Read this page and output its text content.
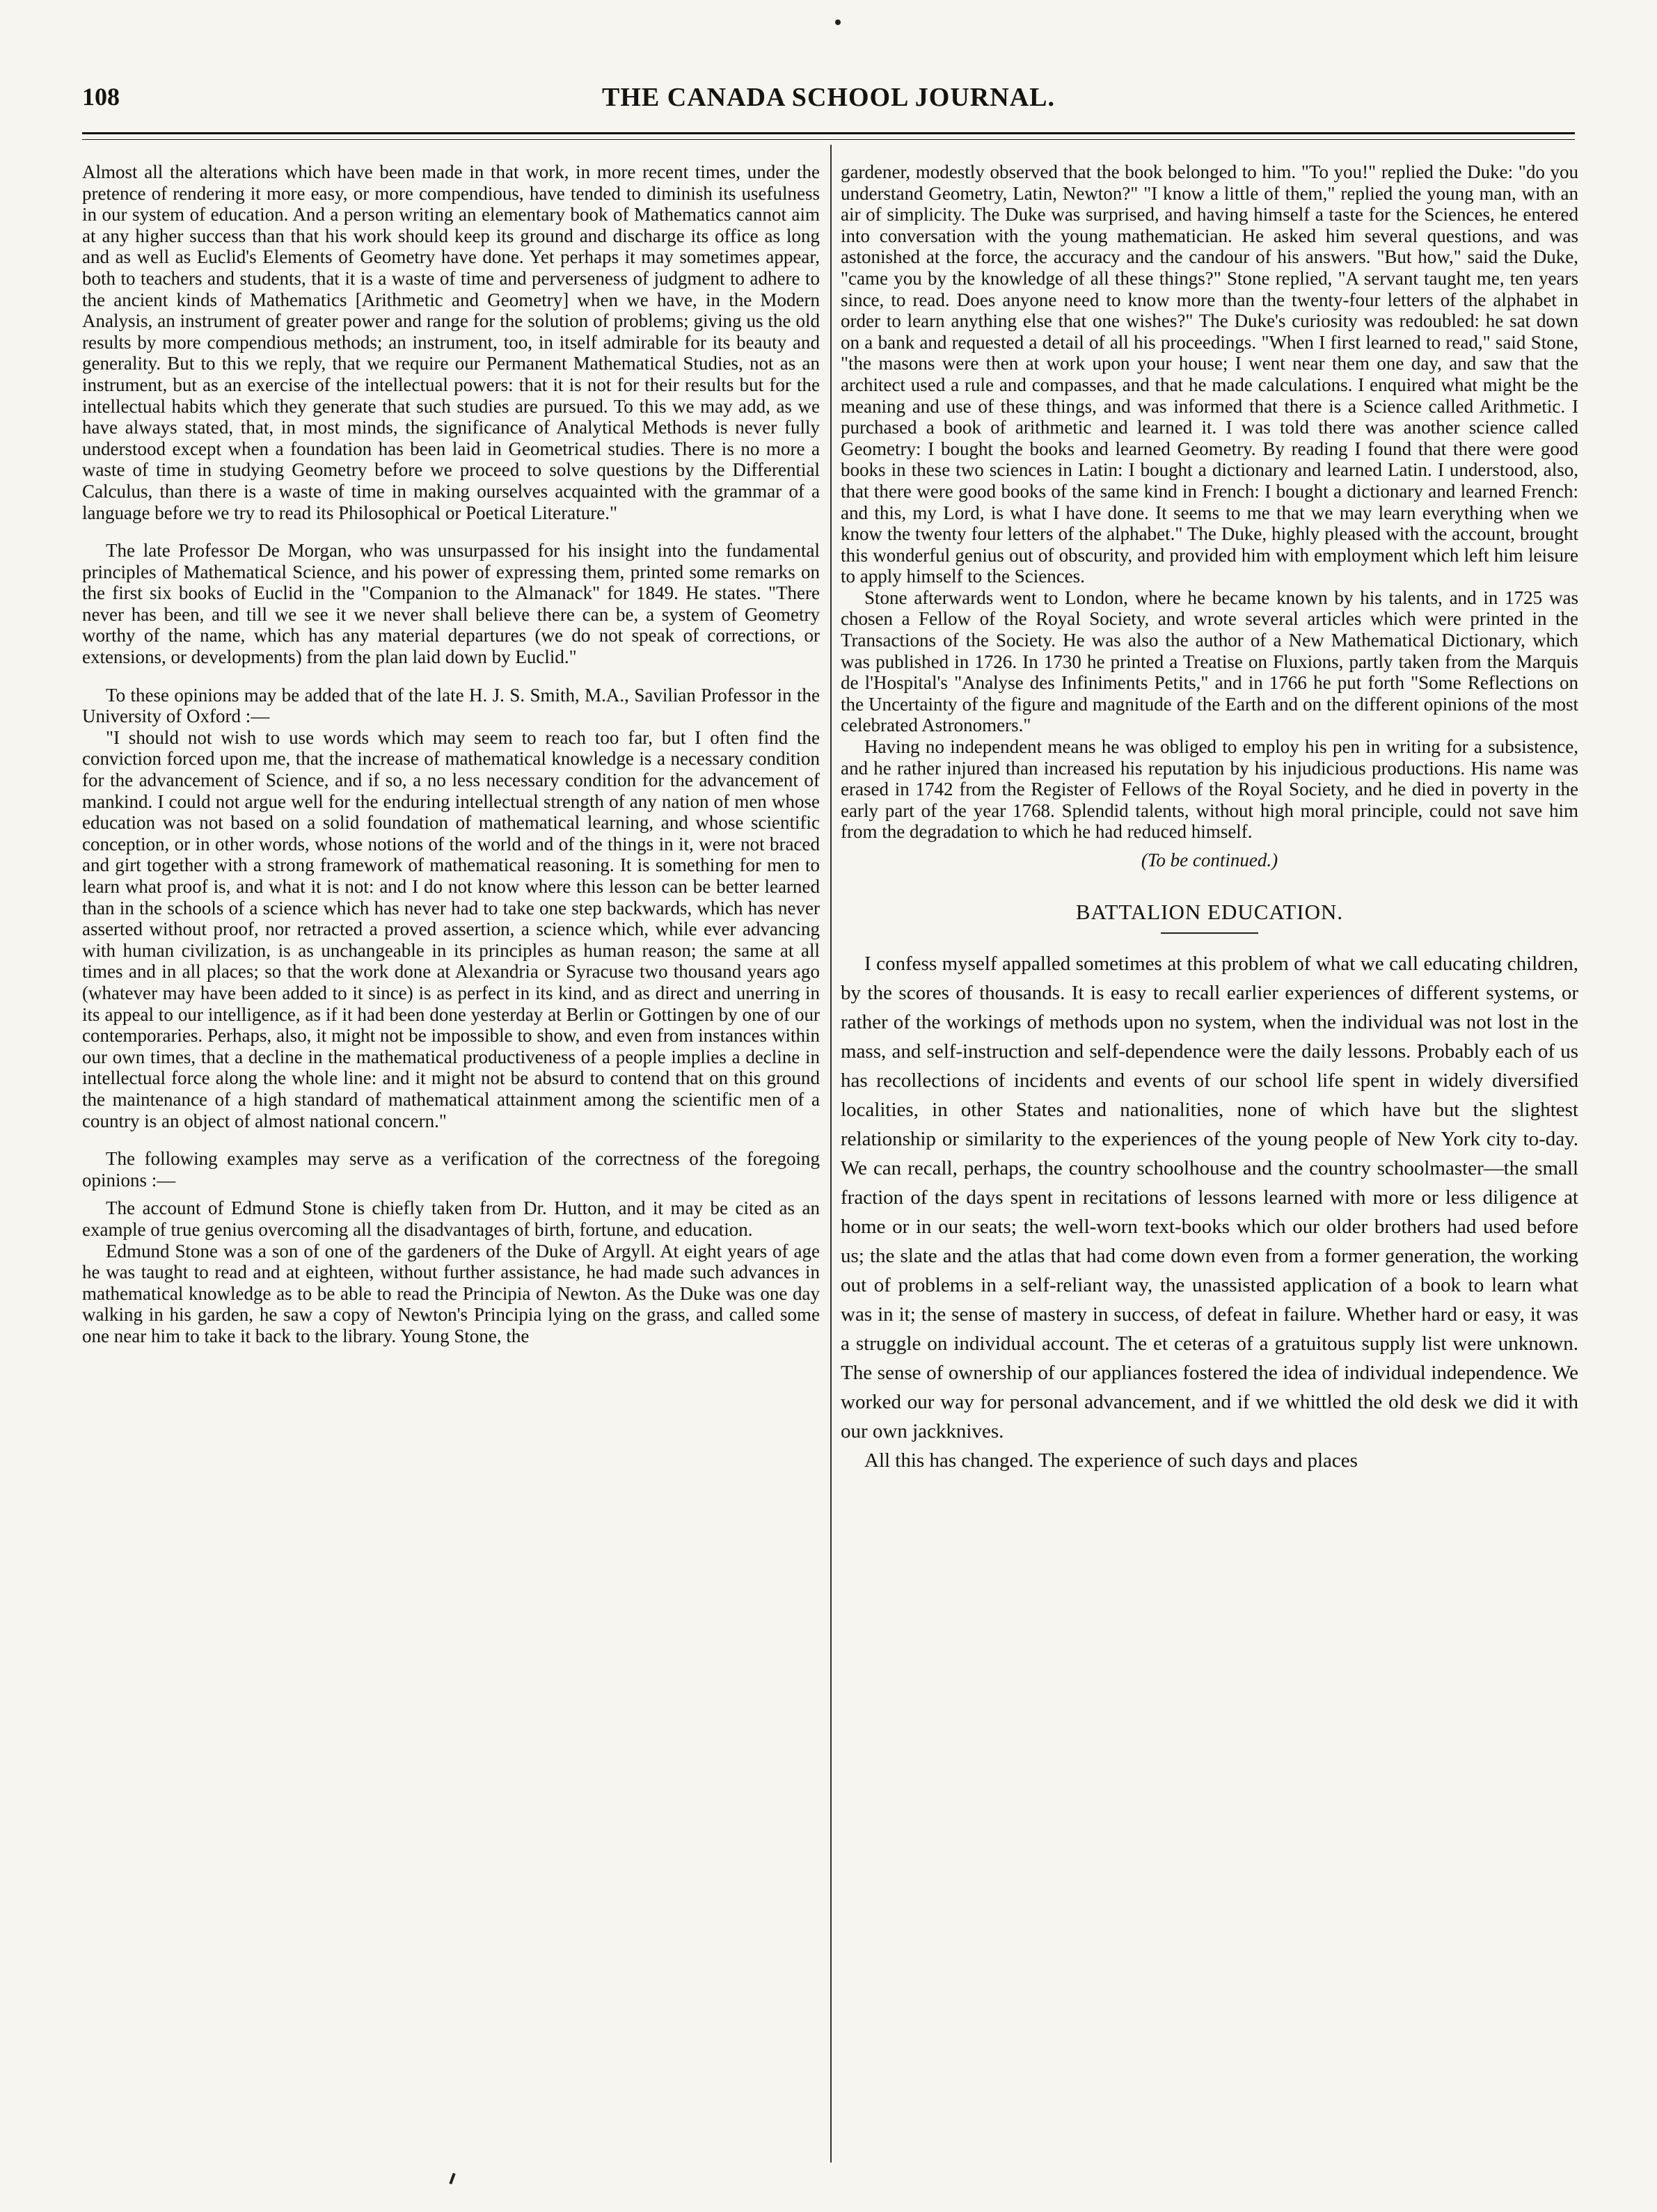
108	THE CANADA SCHOOL JOURNAL.

Almost all the alterations which have been made in that work, in more recent times, under the pretence of rendering it more easy, or more compendious, have tended to diminish its usefulness in our system of education. And a person writing an elementary book of Mathematics cannot aim at any higher success than that his work should keep its ground and discharge its office as long and as well as Euclid's Elements of Geometry have done. Yet perhaps it may sometimes appear, both to teachers and students, that it is a waste of time and perverseness of judgment to adhere to the ancient kinds of Mathematics [Arithmetic and Geometry] when we have, in the Modern Analysis, an instrument of greater power and range for the solution of problems; giving us the old results by more compendious methods; an instrument, too, in itself admirable for its beauty and generality. But to this we reply, that we require our Permanent Mathematical Studies, not as an instrument, but as an exercise of the intellectual powers: that it is not for their results but for the intellectual habits which they generate that such studies are pursued. To this we may add, as we have always stated, that, in most minds, the significance of Analytical Methods is never fully understood except when a foundation has been laid in Geometrical studies. There is no more a waste of time in studying Geometry before we proceed to solve questions by the Differential Calculus, than there is a waste of time in making ourselves acquainted with the grammar of a language before we try to read its Philosophical or Poetical Literature."

The late Professor De Morgan, who was unsurpassed for his insight into the fundamental principles of Mathematical Science, and his power of expressing them, printed some remarks on the first six books of Euclid in the "Companion to the Almanack" for 1849. He states. "There never has been, and till we see it we never shall believe there can be, a system of Geometry worthy of the name, which has any material departures (we do not speak of corrections, or extensions, or developments) from the plan laid down by Euclid."

To these opinions may be added that of the late H. J. S. Smith, M.A., Savilian Professor in the University of Oxford :—

"I should not wish to use words which may seem to reach too far, but I often find the conviction forced upon me, that the increase of mathematical knowledge is a necessary condition for the advancement of Science, and if so, a no less necessary condition for the advancement of mankind. I could not argue well for the enduring intellectual strength of any nation of men whose education was not based on a solid foundation of mathematical learning, and whose scientific conception, or in other words, whose notions of the world and of the things in it, were not braced and girt together with a strong framework of mathematical reasoning. It is something for men to learn what proof is, and what it is not: and I do not know where this lesson can be better learned than in the schools of a science which has never had to take one step backwards, which has never asserted without proof, nor retracted a proved assertion, a science which, while ever advancing with human civilization, is as unchangeable in its principles as human reason; the same at all times and in all places; so that the work done at Alexandria or Syracuse two thousand years ago (whatever may have been added to it since) is as perfect in its kind, and as direct and unerring in its appeal to our intelligence, as if it had been done yesterday at Berlin or Gottingen by one of our contemporaries. Perhaps, also, it might not be impossible to show, and even from instances within our own times, that a decline in the mathematical productiveness of a people implies a decline in intellectual force along the whole line: and it might not be absurd to contend that on this ground the maintenance of a high standard of mathematical attainment among the scientific men of a country is an object of almost national concern."

The following examples may serve as a verification of the correctness of the foregoing opinions :—

The account of Edmund Stone is chiefly taken from Dr. Hutton, and it may be cited as an example of true genius overcoming all the disadvantages of birth, fortune, and education.

Edmund Stone was a son of one of the gardeners of the Duke of Argyll. At eight years of age he was taught to read and at eighteen, without further assistance, he had made such advances in mathematical knowledge as to be able to read the Principia of Newton. As the Duke was one day walking in his garden, he saw a copy of Newton's Principia lying on the grass, and called some one near him to take it back to the library. Young Stone, the

gardener, modestly observed that the book belonged to him. "To you!" replied the Duke: "do you understand Geometry, Latin, Newton?" "I know a little of them," replied the young man, with an air of simplicity. The Duke was surprised, and having himself a taste for the Sciences, he entered into conversation with the young mathematician. He asked him several questions, and was astonished at the force, the accuracy and the candour of his answers. "But how," said the Duke, "came you by the knowledge of all these things?" Stone replied, "A servant taught me, ten years since, to read. Does anyone need to know more than the twenty-four letters of the alphabet in order to learn anything else that one wishes?" The Duke's curiosity was redoubled: he sat down on a bank and requested a detail of all his proceedings. "When I first learned to read," said Stone, "the masons were then at work upon your house; I went near them one day, and saw that the architect used a rule and compasses, and that he made calculations. I enquired what might be the meaning and use of these things, and was informed that there is a Science called Arithmetic. I purchased a book of arithmetic and learned it. I was told there was another science called Geometry: I bought the books and learned Geometry. By reading I found that there were good books in these two sciences in Latin: I bought a dictionary and learned Latin. I understood, also, that there were good books of the same kind in French: I bought a dictionary and learned French: and this, my Lord, is what I have done. It seems to me that we may learn everything when we know the twenty four letters of the alphabet." The Duke, highly pleased with the account, brought this wonderful genius out of obscurity, and provided him with employment which left him leisure to apply himself to the Sciences.

Stone afterwards went to London, where he became known by his talents, and in 1725 was chosen a Fellow of the Royal Society, and wrote several articles which were printed in the Transactions of the Society. He was also the author of a New Mathematical Dictionary, which was published in 1726. In 1730 he printed a Treatise on Fluxions, partly taken from the Marquis de l'Hospital's "Analyse des Infiniments Petits," and in 1766 he put forth "Some Reflections on the Uncertainty of the figure and magnitude of the Earth and on the different opinions of the most celebrated Astronomers."

Having no independent means he was obliged to employ his pen in writing for a subsistence, and he rather injured than increased his reputation by his injudicious productions. His name was erased in 1742 from the Register of Fellows of the Royal Society, and he died in poverty in the early part of the year 1768. Splendid talents, without high moral principle, could not save him from the degradation to which he had reduced himself.

(To be continued.)
BATTALION EDUCATION.

I confess myself appalled sometimes at this problem of what we call educating children, by the scores of thousands. It is easy to recall earlier experiences of different systems, or rather of the workings of methods upon no system, when the individual was not lost in the mass, and self-instruction and self-dependence were the daily lessons. Probably each of us has recollections of incidents and events of our school life spent in widely diversified localities, in other States and nationalities, none of which have but the slightest relationship or similarity to the experiences of the young people of New York city to-day. We can recall, perhaps, the country schoolhouse and the country schoolmaster—the small fraction of the days spent in recitations of lessons learned with more or less diligence at home or in our seats; the well-worn text-books which our older brothers had used before us; the slate and the atlas that had come down even from a former generation, the working out of problems in a self-reliant way, the unassisted application of a book to learn what was in it; the sense of mastery in success, of defeat in failure. Whether hard or easy, it was a struggle on individual account. The et ceteras of a gratuitous supply list were unknown. The sense of ownership of our appliances fostered the idea of individual independence. We worked our way for personal advancement, and if we whittled the old desk we did it with our own jackknives.

All this has changed. The experience of such days and places
